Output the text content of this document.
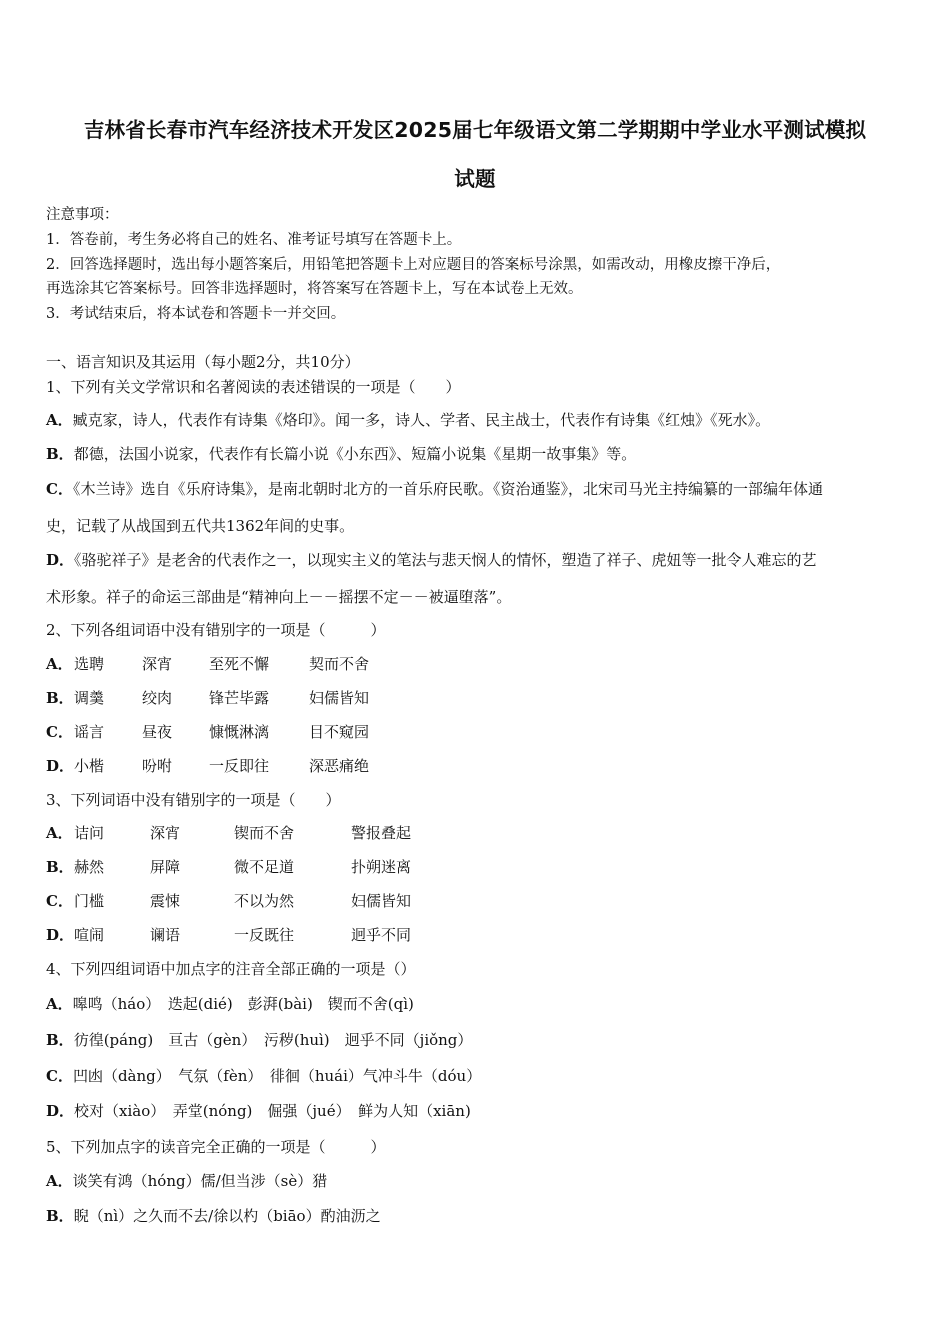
吉林省长春市汽车经济技术开发区2025届七年级语文第二学期期中学业水平测试模拟
试题
注意事项：
1．答卷前，考生务必将自己的姓名、准考证号填写在答题卡上。
2．回答选择题时，选出每小题答案后，用铅笔把答题卡上对应题目的答案标号涂黑，如需改动，用橡皮擦干净后，
再选涂其它答案标号。回答非选择题时，将答案写在答题卡上，写在本试卷上无效。
3．考试结束后，将本试卷和答题卡一并交回。
一、语言知识及其运用（每小题2分，共10分）
1、下列有关文学常识和名著阅读的表述错误的一项是（　　）
A．臧克家，诗人，代表作有诗集《烙印》。闻一多，诗人、学者、民主战士，代表作有诗集《红烛》《死水》。
B．都德，法国小说家，代表作有长篇小说《小东西》、短篇小说集《星期一故事集》等。
C．《木兰诗》选自《乐府诗集》，是南北朝时北方的一首乐府民歌。《资治通鉴》，北宋司马光主持编纂的一部编年体通
史，记载了从战国到五代共1362年间的史事。
D．《骆驼祥子》是老舍的代表作之一，以现实主义的笔法与悲天悯人的情怀，塑造了祥子、虎妞等一批令人难忘的艺
术形象。祥子的命运三部曲是“精神向上－－摇摆不定－－被逼堕落”。
2、下列各组词语中没有错别字的一项是（　　　）
A．选聘	深宵 至死不懈	契而不舍
B．调羹	绞肉 锋芒毕露	妇儒皆知
C．谣言	昼夜 慷慨淋漓	目不窥园
D．小楷	吩咐 一反即往	深恶痛绝
3、下列词语中没有错别字的一项是（　　）
A．诘问	深宵	锲而不舍	警报叠起
B．赫然	屏障	微不足道	扑朔迷离
C．门槛	震悚	不以为然	妇儒皆知
D．喧闹	谰语	一反既往	迥乎不同
4、下列四组词语中加点字的注音全部正确的一项是（）
A．嗥鸣（háo）　迭起(dié)　彭湃(bài)　锲而不舍(qì)
B．彷徨(páng)　亘古（gèn）　污秽(huì)　迥乎不同（jiǒng）
C．凹凼（dàng）　气氛（fèn）　徘徊（huái）气冲斗牛（dóu）
D．校对（xiào）　弄堂(nóng)　倔强（jué）　鲜为人知（xiān)
5、下列加点字的读音完全正确的一项是（　　　）
A．谈笑有鸿（hóng）儒/但当涉（sè）猎
B．睨（nì）之久而不去/徐以杓（biāo）酌油沥之
